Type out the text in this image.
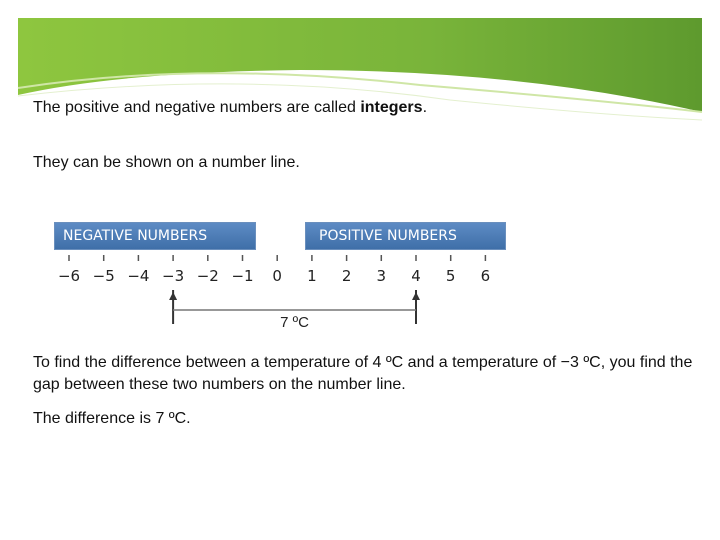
The positive and negative numbers are called integers.

They can be shown on a number line.

NEGATIVE NUMBERS	POSITIVE NUMBERS
−6 −5 −4 −3 −2 −1 0 1 2 3 4 5 6
7 ºC

To find the difference between a temperature of 4 ºC and a temperature of −3 ºC, you find the gap between these two numbers on the number line.

The difference is 7 ºC.
